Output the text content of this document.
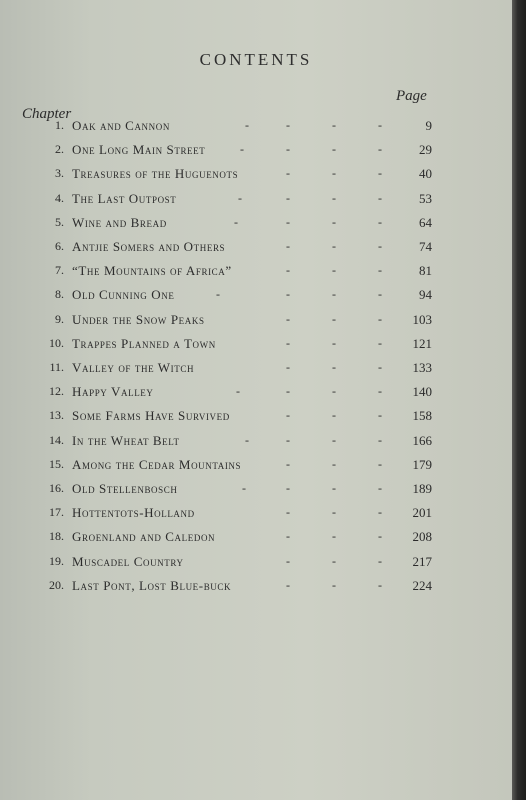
CONTENTS
Page
Chapter
1. Oak and Cannon	-	-	-	-	9
2. One Long Main Street	-	-	-	-	29
3. Treasures of the Huguenots	-	-	-	40
4. The Last Outpost	-	-	-	-	53
5. Wine and Bread	-	-	-	-	64
6. Antjie Somers and Others	-	-	-	74
7. “The Mountains of Africa”	-	-	-	81
8. Old Cunning One	-	-	-	-	94
9. Under the Snow Peaks	-	-	-	103
10. Trappes Planned a Town	-	-	-	121
11. Valley of the Witch	-	-	-	133
12. Happy Valley	-	-	-	-	140
13. Some Farms Have Survived	-	-	-	158
14. In the Wheat Belt	-	-	-	-	166
15. Among the Cedar Mountains	-	-	-	179
16. Old Stellenbosch	-	-	-	-	189
17. Hottentots-Holland	-	-	-	201
18. Groenland and Caledon	-	-	-	208
19. Muscadel Country	-	-	-	217
20. Last Pont, Lost Blue-buck	-	-	-	224
